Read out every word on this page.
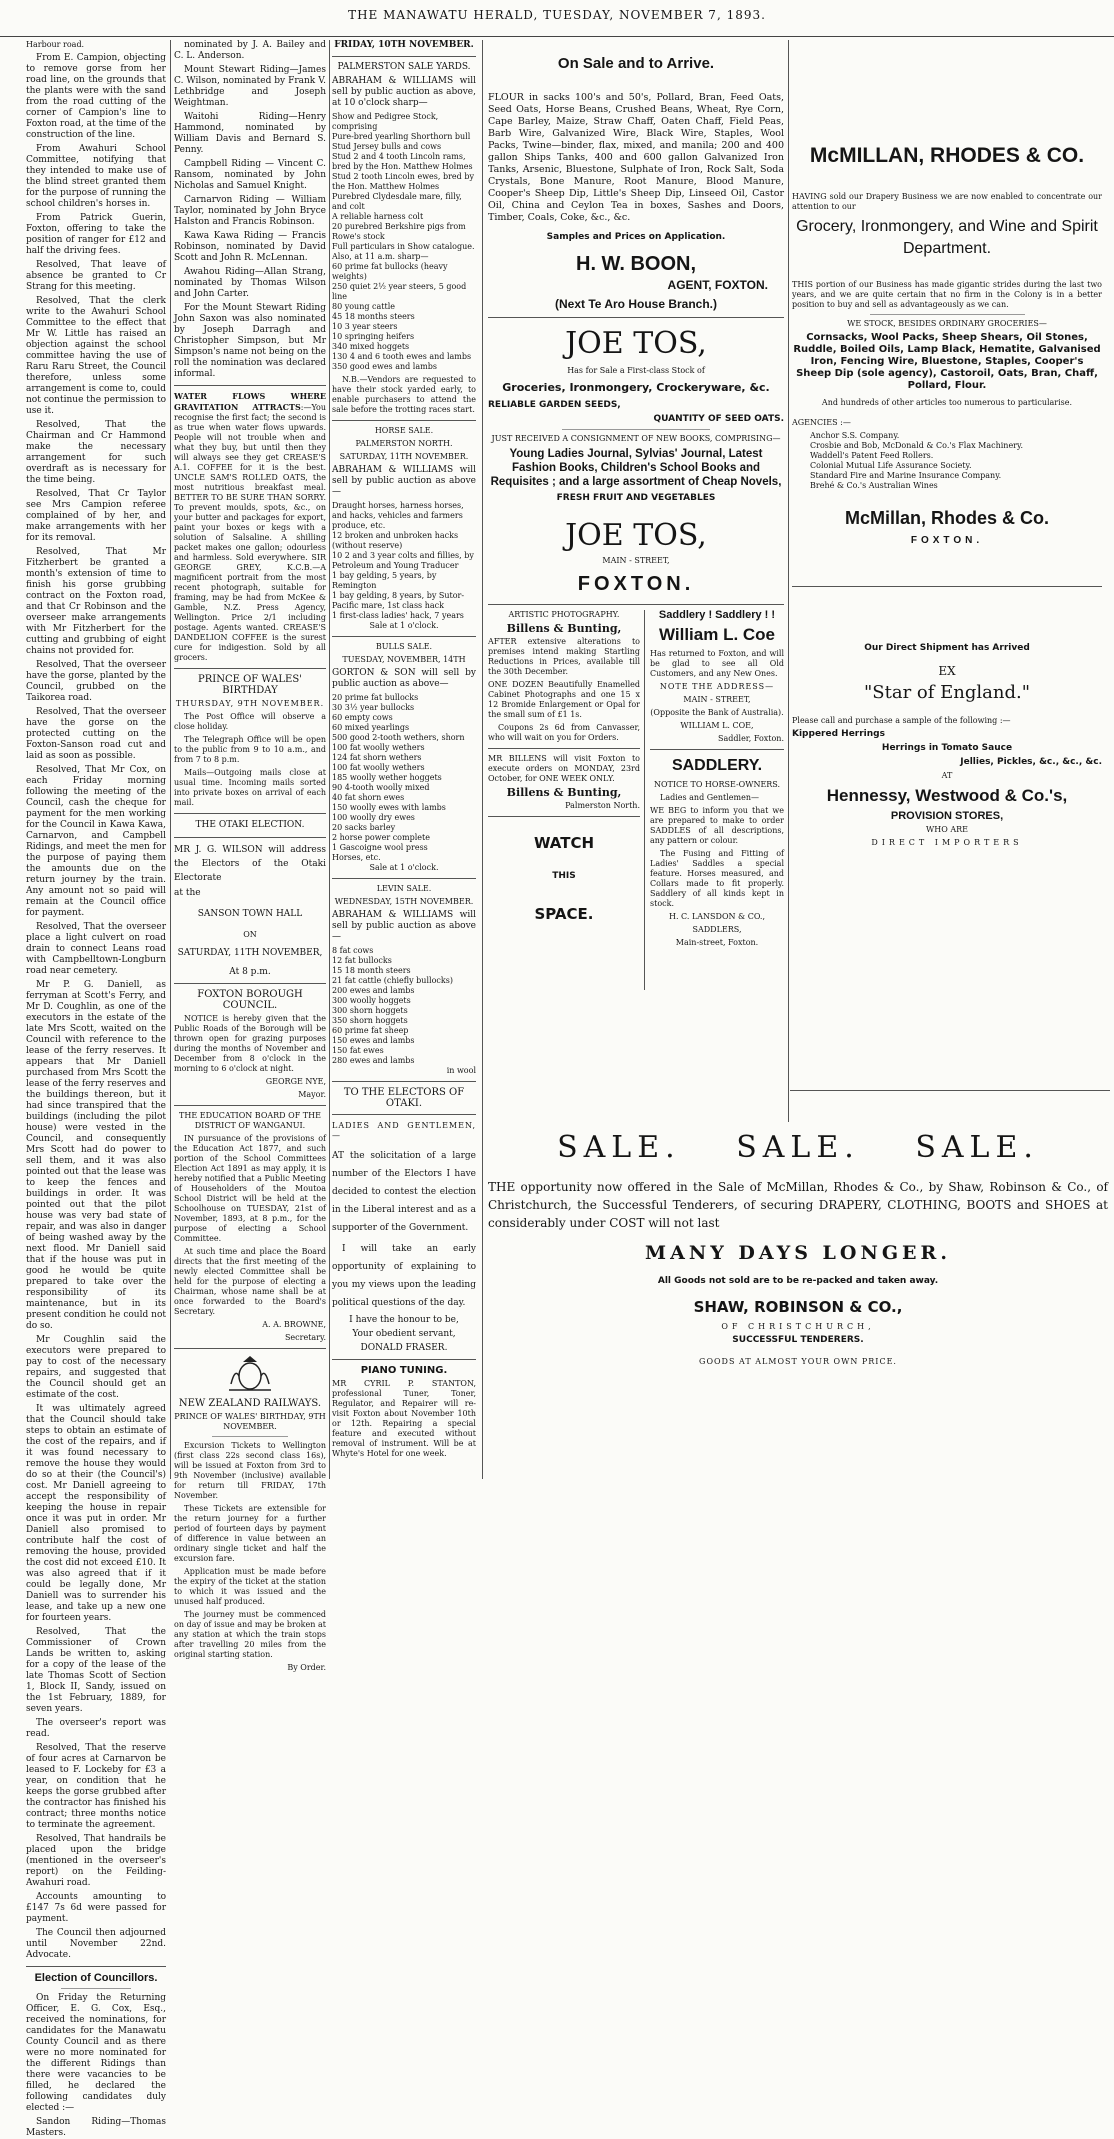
THE MANAWATU HERALD, TUESDAY, NOVEMBER 7, 1893.

Harbour road.

From E. Campion, objecting to remove gorse from her road line, on the grounds that the plants were with the sand from the road cutting of the corner of Campion's line to Foxton road, at the time of the construction of the line.

From Awahuri School Committee, notifying that they intended to make use of the blind street granted them for the purpose of running the school children's horses in.

From Patrick Guerin, Foxton, offering to take the position of ranger for £12 and half the driving fees.

Resolved, That leave of absence be granted to Cr Strang for this meeting.

Resolved, That the clerk write to the Awahuri School Committee to the effect that Mr W. Little has raised an objection against the school committee having the use of Raru Raru Street, the Council therefore, unless some arrangement is come to, could not continue the permission to use it.

Resolved, That the Chairman and Cr Hammond make the necessary arrangement for such overdraft as is necessary for the time being.

Resolved, That Cr Taylor see Mrs Campion referee complained of by her, and make arrangements with her for its removal.

Resolved, That Mr Fitzherbert be granted a month's extension of time to finish his gorse grubbing contract on the Foxton road, and that Cr Robinson and the overseer make arrangements with Mr Fitzherbert for the cutting and grubbing of eight chains not provided for.

Resolved, That the overseer have the gorse, planted by the Council, grubbed on the Taikorea road.

Resolved, That the overseer have the gorse on the protected cutting on the Foxton-Sanson road cut and laid as soon as possible.

Resolved, That Mr Cox, on each Friday morning following the meeting of the Council, cash the cheque for payment for the men working for the Council in Kawa Kawa, Carnarvon, and Campbell Ridings, and meet the men for the purpose of paying them the amounts due on the return journey by the train. Any amount not so paid will remain at the Council office for payment.

Resolved, That the overseer place a light culvert on road drain to connect Leans road with Campbelltown-Longburn road near cemetery.

Mr P. G. Daniell, as ferryman at Scott's Ferry, and Mr D. Coughlin, as one of the executors in the estate of the late Mrs Scott, waited on the Council with reference to the lease of the ferry reserves. It appears that Mr Daniell purchased from Mrs Scott the lease of the ferry reserves and the buildings thereon, but it had since transpired that the buildings (including the pilot house) were vested in the Council, and consequently Mrs Scott had do power to sell them, and it was also pointed out that the lease was to keep the fences and buildings in order. It was pointed out that the pilot house was very bad state of repair, and was also in danger of being washed away by the next flood. Mr Daniell said that if the house was put in good he would be quite prepared to take over the responsibility of its maintenance, but in its present condition he could not do so.

Mr Coughlin said the executors were prepared to pay to cost of the necessary repairs, and suggested that the Council should get an estimate of the cost.

It was ultimately agreed that the Council should take steps to obtain an estimate of the cost of the repairs, and if it was found necessary to remove the house they would do so at their (the Council's) cost. Mr Daniell agreeing to accept the responsibility of keeping the house in repair once it was put in order. Mr Daniell also promised to contribute half the cost of removing the house, provided the cost did not exceed £10. It was also agreed that if it could be legally done, Mr Daniell was to surrender his lease, and take up a new one for fourteen years.

Resolved, That the Commissioner of Crown Lands be written to, asking for a copy of the lease of the late Thomas Scott of Section 1, Block II, Sandy, issued on the 1st February, 1889, for seven years.

The overseer's report was read.

Resolved, That the reserve of four acres at Carnarvon be leased to F. Lockeby for £3 a year, on condition that he keeps the gorse grubbed after the contractor has finished his contract; three months notice to terminate the agreement.

Resolved, That handrails be placed upon the bridge (mentioned in the overseer's report) on the Feilding-Awahuri road.

Accounts amounting to £147 7s 6d were passed for payment.

The Council then adjourned until November 22nd. Advocate.

Election of Councillors.

On Friday the Returning Officer, E. G. Cox, Esq., received the nominations, for candidates for the Manawatu County Council and as there were no more nominated for the different Ridings than there were vacancies to be filled, he declared the following candidates duly elected :—

Sandon Riding—Thomas Masters.

nominated by J. A. Bailey and C. L. Anderson.

Mount Stewart Riding—James C. Wilson, nominated by Frank V. Lethbridge and Joseph Weightman.

Waitohi Riding—Henry Hammond, nominated by William Davis and Bernard S. Penny.

Campbell Riding — Vincent C. Ransom, nominated by John Nicholas and Samuel Knight.

Carnarvon Riding — William Taylor, nominated by John Bryce Halston and Francis Robinson.

Kawa Kawa Riding — Francis Robinson, nominated by David Scott and John R. McLennan.

Awahou Riding—Allan Strang, nominated by Thomas Wilson and John Carter.

For the Mount Stewart Riding John Saxon was also nominated by Joseph Darragh and Christopher Simpson, but Mr Simpson's name not being on the roll the nomination was declared informal.

WATER FLOWS WHERE GRAVITATION ATTRACTS:—You recognise the first fact; the second is as true when water flows upwards. People will not trouble when and what they buy, but until then they will always see they get CREASE'S A.1. COFFEE for it is the best. UNCLE SAM'S ROLLED OATS, the most nutritious breakfast meal. BETTER TO BE SURE THAN SORRY. To prevent moulds, spots, &c., on your butter and packages for export, paint your boxes or kegs with a solution of Salsaline. A shilling packet makes one gallon; odourless and harmless. Sold everywhere. SIR GEORGE GREY, K.C.B.—A magnificent portrait from the most recent photograph, suitable for framing, may be had from McKee & Gamble, N.Z. Press Agency, Wellington. Price 2/1 including postage. Agents wanted. CREASE'S DANDELION COFFEE is the surest cure for indigestion. Sold by all grocers.

PRINCE OF WALES' BIRTHDAY

THURSDAY, 9TH NOVEMBER.

The Post Office will observe a close holiday.

The Telegraph Office will be open to the public from 9 to 10 a.m., and from 7 to 8 p.m.

Mails—Outgoing mails close at usual time. Incoming mails sorted into private boxes on arrival of each mail.

THE OTAKI ELECTION.

MR J. G. WILSON will address the Electors of the Otaki Electorate

at the

SANSON TOWN HALL

ON

SATURDAY, 11TH NOVEMBER,

At 8 p.m.

FOXTON BOROUGH COUNCIL.

NOTICE is hereby given that the Public Roads of the Borough will be thrown open for grazing purposes during the months of November and December from 8 o'clock in the morning to 6 o'clock at night.

GEORGE NYE,

Mayor.

THE EDUCATION BOARD OF THE DISTRICT OF WANGANUI.

IN pursuance of the provisions of the Education Act 1877, and such portion of the School Committees Election Act 1891 as may apply, it is hereby notified that a Public Meeting of Householders of the Moutoa School District will be held at the Schoolhouse on TUESDAY, 21st of November, 1893, at 8 p.m., for the purpose of electing a School Committee.

At such time and place the Board directs that the first meeting of the newly elected Committee shall be held for the purpose of electing a Chairman, whose name shall be at once forwarded to the Board's Secretary.

A. A. BROWNE,

Secretary.

NEW ZEALAND RAILWAYS.

PRINCE OF WALES' BIRTHDAY, 9TH NOVEMBER.

Excursion Tickets to Wellington (first class 22s second class 16s), will be issued at Foxton from 3rd to 9th November (inclusive) available for return till FRIDAY, 17th November.

These Tickets are extensible for the return journey for a further period of fourteen days by payment of difference in value between an ordinary single ticket and half the excursion fare.

Application must be made before the expiry of the ticket at the station to which it was issued and the unused half produced.

The journey must be commenced on day of issue and may be broken at any station at which the train stops after travelling 20 miles from the original starting station.

By Order.

FRIDAY, 10TH NOVEMBER.

PALMERSTON SALE YARDS.

ABRAHAM & WILLIAMS will sell by public auction as above, at 10 o'clock sharp—

Show and Pedigree Stock, comprising

Pure-bred yearling Shorthorn bull

Stud Jersey bulls and cows

Stud 2 and 4 tooth Lincoln rams, bred by the Hon. Matthew Holmes

Stud 2 tooth Lincoln ewes, bred by the Hon. Matthew Holmes

Purebred Clydesdale mare, filly, and colt

A reliable harness colt

20 purebred Berkshire pigs from Rowe's stock

Full particulars in Show catalogue.

Also, at 11 a.m. sharp—

60 prime fat bullocks (heavy weights)

250 quiet 2½ year steers, 5 good line

80 young cattle

45 18 months steers

10 3 year steers

10 springing heifers

340 mixed hoggets

130 4 and 6 tooth ewes and lambs

350 good ewes and lambs

N.B.—Vendors are requested to have their stock yarded early, to enable purchasers to attend the sale before the trotting races start.

HORSE SALE.

PALMERSTON NORTH.

SATURDAY, 11TH NOVEMBER.

ABRAHAM & WILLIAMS will sell by public auction as above—

Draught horses, harness horses, and hacks, vehicles and farmers produce, etc.

12 broken and unbroken hacks (without reserve)

10 2 and 3 year colts and fillies, by Petroleum and Young Traducer

1 bay gelding, 5 years, by Remington

1 bay gelding, 8 years, by Sutor-Pacific mare, 1st class hack

1 first-class ladies' hack, 7 years

Sale at 1 o'clock.

BULLS SALE.

TUESDAY, NOVEMBER, 14TH

GORTON & SON will sell by public auction as above—

20 prime fat bullocks

30 3½ year bullocks

60 empty cows

60 mixed yearlings

500 good 2-tooth wethers, shorn

100 fat woolly wethers

124 fat shorn wethers

100 fat woolly wethers

185 woolly wether hoggets

90 4-tooth woolly mixed

40 fat shorn ewes

150 woolly ewes with lambs

100 woolly dry ewes

20 sacks barley

2 horse power complete

1 Gascoigne wool press

Horses, etc.

Sale at 1 o'clock.

LEVIN SALE.

WEDNESDAY, 15TH NOVEMBER.

ABRAHAM & WILLIAMS will sell by public auction as above—

8 fat cows

12 fat bullocks

15 18 month steers

21 fat cattle (chiefly bullocks)

200 ewes and lambs

300 woolly hoggets

300 shorn hoggets

350 shorn hoggets

60 prime fat sheep

150 ewes and lambs

150 fat ewes

280 ewes and lambs

in wool

TO THE ELECTORS OF OTAKI.

LADIES AND GENTLEMEN,—

AT the solicitation of a large number of the Electors I have decided to contest the election in the Liberal interest and as a supporter of the Government.

I will take an early opportunity of explaining to you my views upon the leading political questions of the day.

I have the honour to be,

Your obedient servant,

DONALD FRASER.

PIANO TUNING.

MR CYRIL P. STANTON, professional Tuner, Toner, Regulator, and Repairer will re-visit Foxton about November 10th or 12th. Repairing a special feature and executed without removal of instrument. Will be at Whyte's Hotel for one week.

On Sale and to Arrive.

FLOUR in sacks 100's and 50's, Pollard, Bran, Feed Oats, Seed Oats, Horse Beans, Crushed Beans, Wheat, Rye Corn, Cape Barley, Maize, Straw Chaff, Oaten Chaff, Field Peas, Barb Wire, Galvanized Wire, Black Wire, Staples, Wool Packs, Twine—binder, flax, mixed, and manila; 200 and 400 gallon Ships Tanks, 400 and 600 gallon Galvanized Iron Tanks, Arsenic, Bluestone, Sulphate of Iron, Rock Salt, Soda Crystals, Bone Manure, Root Manure, Blood Manure, Cooper's Sheep Dip, Little's Sheep Dip, Linseed Oil, Castor Oil, China and Ceylon Tea in boxes, Sashes and Doors, Timber, Coals, Coke, &c., &c.

Samples and Prices on Application.

H. W. BOON,

AGENT, FOXTON.

(Next Te Aro House Branch.)

JOE TOS,

Has for Sale a First-class Stock of

Groceries, Ironmongery, Crockeryware, &c.

RELIABLE GARDEN SEEDS,

QUANTITY OF SEED OATS.

JUST RECEIVED A CONSIGNMENT OF NEW BOOKS, COMPRISING—

Young Ladies Journal, Sylvias' Journal, Latest Fashion Books, Children's School Books and Requisites ; and a large assortment of Cheap Novels,

FRESH FRUIT AND VEGETABLES

JOE TOS,

MAIN - STREET,

FOXTON.

ARTISTIC PHOTOGRAPHY.

Billens & Bunting,

AFTER extensive alterations to premises intend making Startling Reductions in Prices, available till the 30th December.

ONE DOZEN Beautifully Enamelled Cabinet Photographs and one 15 x 12 Bromide Enlargement or Opal for the small sum of £1 1s.

Coupons 2s 6d from Canvasser, who will wait on you for Orders.

MR BILLENS will visit Foxton to execute orders on MONDAY, 23rd October, for ONE WEEK ONLY.

Billens & Bunting,

Palmerston North.

WATCH

THIS

SPACE.

Saddlery ! Saddlery ! !

William L. Coe

Has returned to Foxton, and will be glad to see all Old Customers, and any New Ones.

NOTE THE ADDRESS—

MAIN - STREET,

(Opposite the Bank of Australia).

WILLIAM L. COE,

Saddler, Foxton.

SADDLERY.

NOTICE TO HORSE-OWNERS.

Ladies and Gentlemen—

WE BEG to inform you that we are prepared to make to order SADDLES of all descriptions, any pattern or colour.

The Fusing and Fitting of Ladies' Saddles a special feature. Horses measured, and Collars made to fit properly. Saddlery of all kinds kept in stock.

H. C. LANSDON & CO.,

SADDLERS,

Main-street, Foxton.

McMILLAN, RHODES & CO.

HAVING sold our Drapery Business we are now enabled to concentrate our attention to our

Grocery, Ironmongery, and Wine and Spirit Department.

THIS portion of our Business has made gigantic strides during the last two years, and we are quite certain that no firm in the Colony is in a better position to buy and sell as advantageously as we can.

WE STOCK, BESIDES ORDINARY GROCERIES—

Cornsacks, Wool Packs, Sheep Shears, Oil Stones, Ruddle, Boiled Oils, Lamp Black, Hematite, Galvanised Iron, Fencing Wire, Bluestone, Staples, Cooper's Sheep Dip (sole agency), Castoroil, Oats, Bran, Chaff, Pollard, Flour.

And hundreds of other articles too numerous to particularise.

AGENCIES :—

Anchor S.S. Company.

Crosbie and Bob, McDonald & Co.'s Flax Machinery.

Waddell's Patent Feed Rollers.

Colonial Mutual Life Assurance Society.

Standard Fire and Marine Insurance Company.

Brehé & Co.'s Australian Wines

McMillan, Rhodes & Co.

FOXTON.

Our Direct Shipment has Arrived

EX

"Star of England."

Please call and purchase a sample of the following :—

Kippered Herrings

Herrings in Tomato Sauce

Jellies, Pickles, &c., &c., &c.

AT

Hennessy, Westwood & Co.'s,

PROVISION STORES,

WHO ARE

DIRECT IMPORTERS

SALE. SALE. SALE.

THE opportunity now offered in the Sale of McMillan, Rhodes & Co., by Shaw, Robinson & Co., of Christchurch, the Successful Tenderers, of securing DRAPERY, CLOTHING, BOOTS and SHOES at considerably under COST will not last

MANY DAYS LONGER.

All Goods not sold are to be re-packed and taken away.

SHAW, ROBINSON & CO.,

OF CHRISTCHURCH,

SUCCESSFUL TENDERERS.

GOODS AT ALMOST YOUR OWN PRICE.
